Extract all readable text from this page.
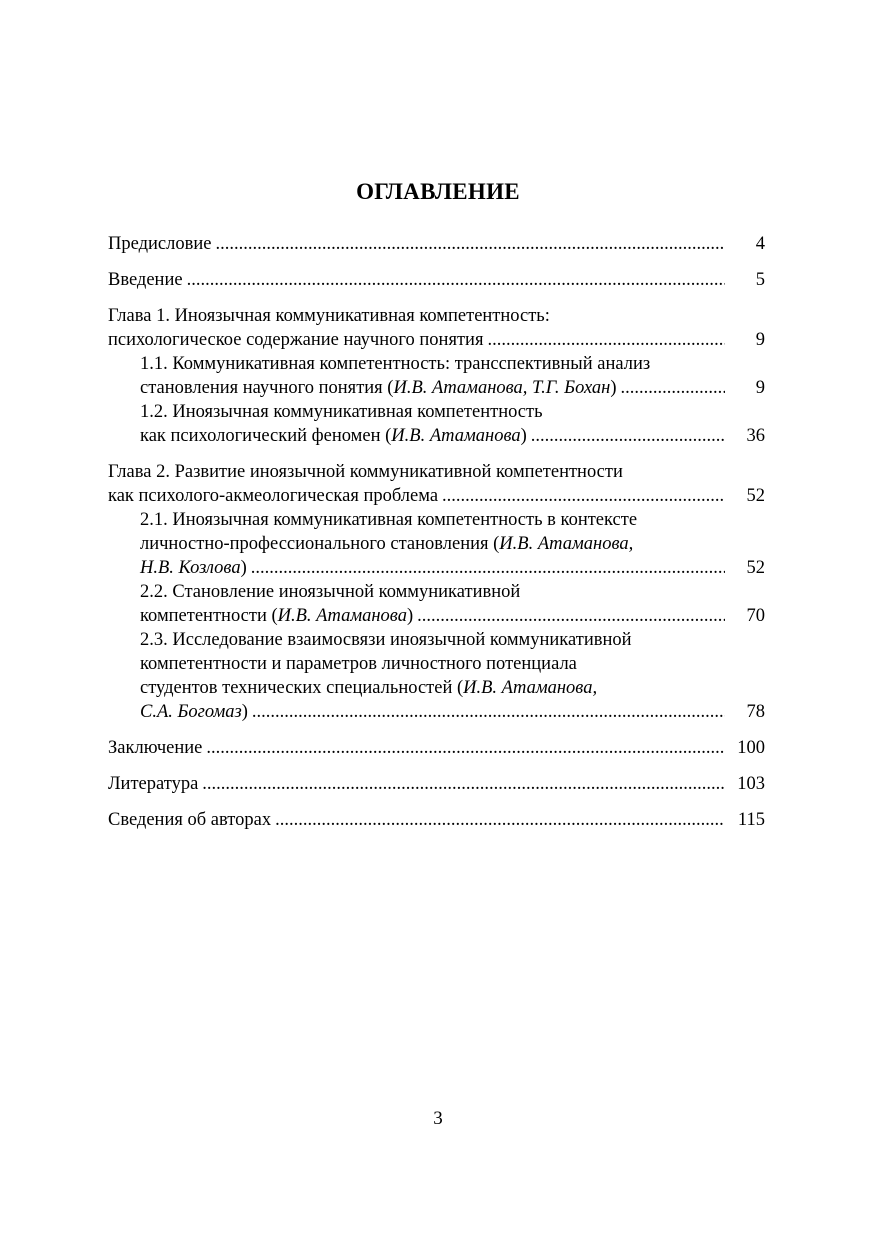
ОГЛАВЛЕНИЕ
Предисловие .....	4
Введение .....	5
Глава 1. Иноязычная коммуникативная компетентность:
психологическое содержание научного понятия .....	9
1.1. Коммуникативная компетентность: трансспективный анализ
становления научного понятия (И.В. Атаманова, Т.Г. Бохан) .....	9
1.2. Иноязычная коммуникативная компетентность
как психологический феномен (И.В. Атаманова) .....	36
Глава 2. Развитие иноязычной коммуникативной компетентности
как психолого-акмеологическая проблема .....	52
2.1. Иноязычная коммуникативная компетентность в контексте
личностно-профессионального становления (И.В. Атаманова,
Н.В. Козлова) .....	52
2.2. Становление иноязычной коммуникативной
компетентности (И.В. Атаманова) .....	70
2.3. Исследование взаимосвязи иноязычной коммуникативной
компетентности и параметров личностного потенциала
студентов технических специальностей (И.В. Атаманова,
С.А. Богомаз) .....	78
Заключение .....	100
Литература .....	103
Сведения об авторах .....	115
3
